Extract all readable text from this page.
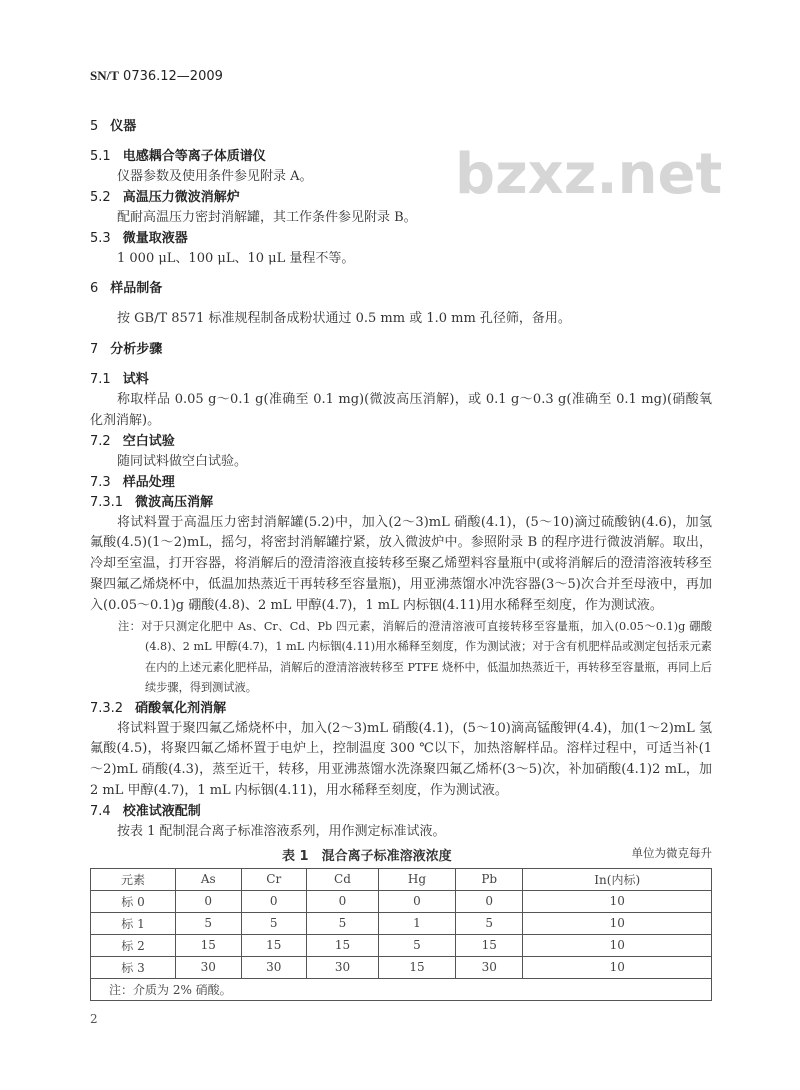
bzxz.net
SN/T 0736.12—2009
5 仪器
5.1 电感耦合等离子体质谱仪
仪器参数及使用条件参见附录 A。
5.2 高温压力微波消解炉
配耐高温压力密封消解罐，其工作条件参见附录 B。
5.3 微量取液器
1 000 μL、100 μL、10 μL 量程不等。
6 样品制备
按 GB/T 8571 标准规程制备成粉状通过 0.5 mm 或 1.0 mm 孔径筛，备用。
7 分析步骤
7.1 试料
称取样品 0.05 g～0.1 g(准确至 0.1 mg)(微波高压消解)，或 0.1 g～0.3 g(准确至 0.1 mg)(硝酸氧化剂消解)。
7.2 空白试验
随同试料做空白试验。
7.3 样品处理
7.3.1 微波高压消解
将试料置于高温压力密封消解罐(5.2)中，加入(2～3)mL 硝酸(4.1)，(5～10)滴过硫酸钠(4.6)，加氢氟酸(4.5)(1～2)mL，摇匀，将密封消解罐拧紧，放入微波炉中。参照附录 B 的程序进行微波消解。取出，冷却至室温，打开容器，将消解后的澄清溶液直接转移至聚乙烯塑料容量瓶中(或将消解后的澄清溶液转移至聚四氟乙烯烧杯中，低温加热蒸近干再转移至容量瓶)，用亚沸蒸馏水冲洗容器(3～5)次合并至母液中，再加入(0.05～0.1)g 硼酸(4.8)、2 mL 甲醇(4.7)，1 mL 内标铟(4.11)用水稀释至刻度，作为测试液。
注：对于只测定化肥中 As、Cr、Cd、Pb 四元素，消解后的澄清溶液可直接转移至容量瓶，加入(0.05～0.1)g 硼酸(4.8)、2 mL 甲醇(4.7)，1 mL 内标铟(4.11)用水稀释至刻度，作为测试液；对于含有机肥样品或测定包括汞元素在内的上述元素化肥样品，消解后的澄清溶液转移至 PTFE 烧杯中，低温加热蒸近干，再转移至容量瓶，再同上后续步骤，得到测试液。
7.3.2 硝酸氧化剂消解
将试料置于聚四氟乙烯烧杯中，加入(2～3)mL 硝酸(4.1)，(5～10)滴高锰酸钾(4.4)，加(1～2)mL 氢氟酸(4.5)，将聚四氟乙烯杯置于电炉上，控制温度 300 ℃以下，加热溶解样品。溶样过程中，可适当补(1～2)mL 硝酸(4.3)，蒸至近干，转移，用亚沸蒸馏水洗涤聚四氟乙烯杯(3～5)次，补加硝酸(4.1)2 mL，加 2 mL 甲醇(4.7)，1 mL 内标铟(4.11)，用水稀释至刻度，作为测试液。
7.4 校准试液配制
按表 1 配制混合离子标准溶液系列，用作测定标准试液。
表 1　混合离子标准溶液浓度	单位为微克每升
元素	As	Cr	Cd	Hg	Pb	In(内标)
标 0	0	0	0	0	0	10
标 1	5	5	5	1	5	10
标 2	15	15	15	5	15	10
标 3	30	30	30	15	30	10
注：介质为 2% 硝酸。						
2
